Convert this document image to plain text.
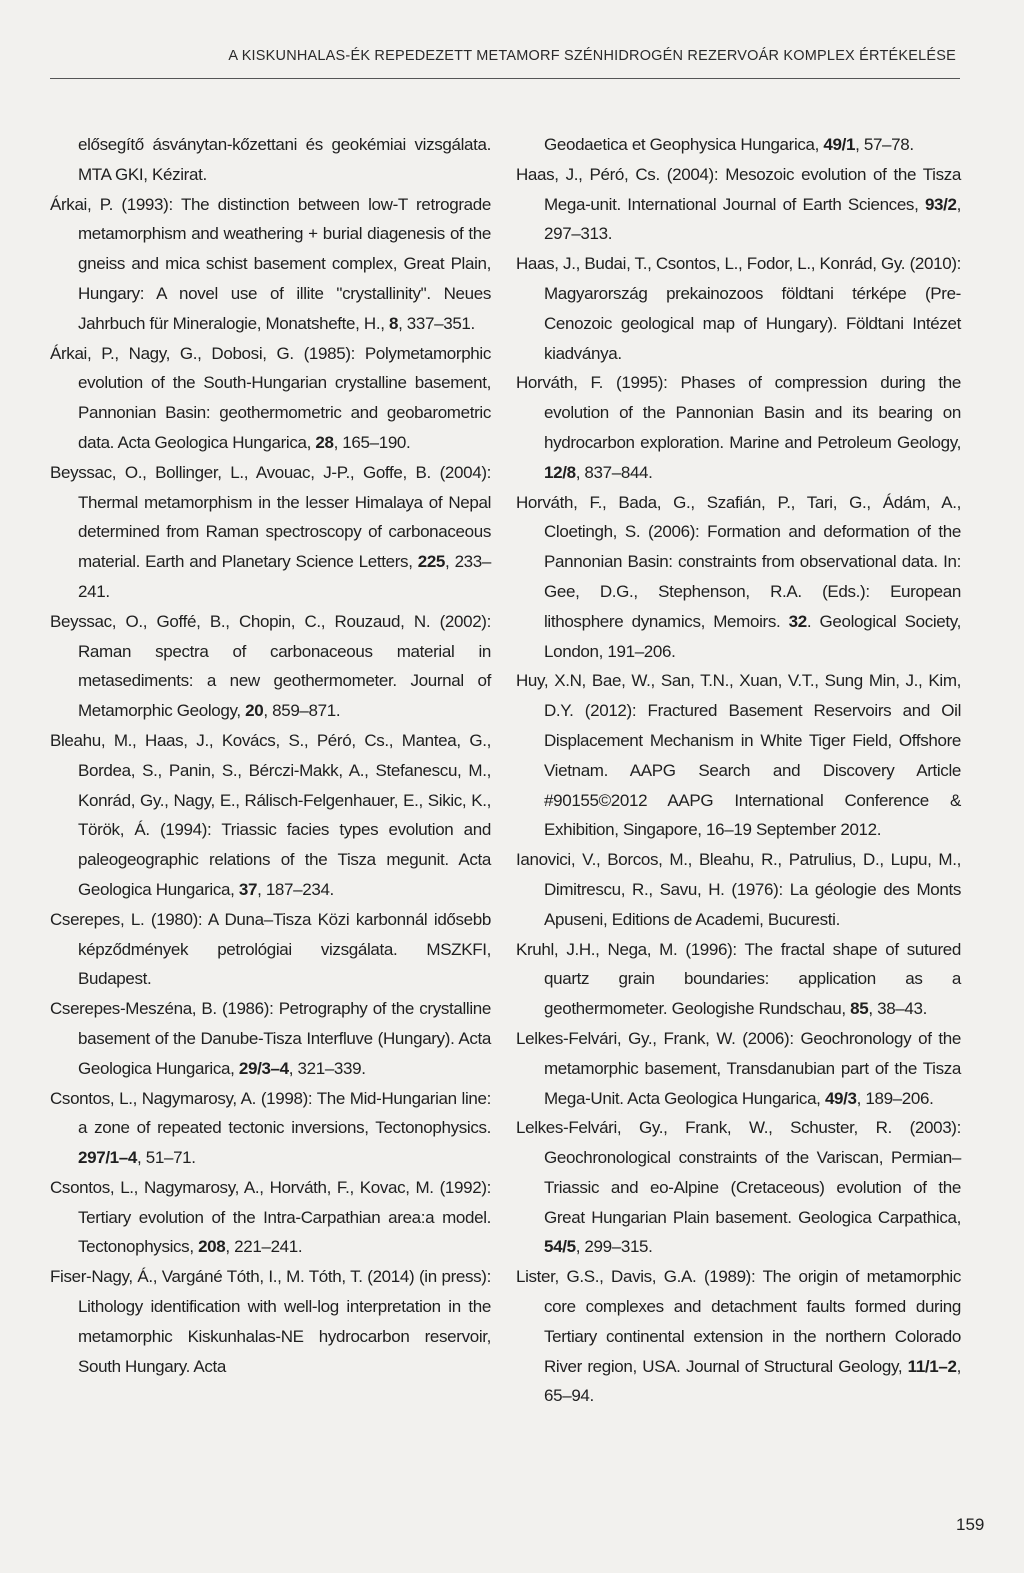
A KISKUNHALAS-ÉK REPEDEZETT METAMORF SZÉNHIDROGÉN REZERVOÁR KOMPLEX ÉRTÉKELÉSE

elősegítő ásványtan-kőzettani és geokémiai vizsgálata. MTA GKI, Kézirat.

Árkai, P. (1993): The distinction between low-T retrograde metamorphism and weathering + burial diagenesis of the gneiss and mica schist basement complex, Great Plain, Hungary: A novel use of illite "crystallinity". Neues Jahrbuch für Mineralogie, Monatshefte, H., 8, 337–351.

Árkai, P., Nagy, G., Dobosi, G. (1985): Polymetamorphic evolution of the South-Hungarian crystalline basement, Pannonian Basin: geothermometric and geobarometric data. Acta Geologica Hungarica, 28, 165–190.

Beyssac, O., Bollinger, L., Avouac, J-P., Goffe, B. (2004): Thermal metamorphism in the lesser Himalaya of Nepal determined from Raman spectroscopy of carbonaceous material. Earth and Planetary Science Letters, 225, 233–241.

Beyssac, O., Goffé, B., Chopin, C., Rouzaud, N. (2002): Raman spectra of carbonaceous material in metasediments: a new geothermometer. Journal of Metamorphic Geology, 20, 859–871.

Bleahu, M., Haas, J., Kovács, S., Péró, Cs., Mantea, G., Bordea, S., Panin, S., Bérczi-Makk, A., Stefanescu, M., Konrád, Gy., Nagy, E., Rálisch-Felgenhauer, E., Sikic, K., Török, Á. (1994): Triassic facies types evolution and paleogeographic relations of the Tisza megunit. Acta Geologica Hungarica, 37, 187–234.

Cserepes, L. (1980): A Duna–Tisza Közi karbonnál idősebb képződmények petrológiai vizsgálata. MSZKFI, Budapest.

Cserepes-Meszéna, B. (1986): Petrography of the crystalline basement of the Danube-Tisza Interfluve (Hungary). Acta Geologica Hungarica, 29/3–4, 321–339.

Csontos, L., Nagymarosy, A. (1998): The Mid-Hungarian line: a zone of repeated tectonic inversions, Tectonophysics. 297/1–4, 51–71.

Csontos, L., Nagymarosy, A., Horváth, F., Kovac, M. (1992): Tertiary evolution of the Intra-Carpathian area:a model. Tectonophysics, 208, 221–241.

Fiser-Nagy, Á., Vargáné Tóth, I., M. Tóth, T. (2014) (in press): Lithology identification with well-log interpretation in the metamorphic Kiskunhalas-NE hydrocarbon reservoir, South Hungary. Acta

Geodaetica et Geophysica Hungarica, 49/1, 57–78.

Haas, J., Péró, Cs. (2004): Mesozoic evolution of the Tisza Mega-unit. International Journal of Earth Sciences, 93/2, 297–313.

Haas, J., Budai, T., Csontos, L., Fodor, L., Konrád, Gy. (2010): Magyarország prekainozoos földtani térképe (Pre-Cenozoic geological map of Hungary). Földtani Intézet kiadványa.

Horváth, F. (1995): Phases of compression during the evolution of the Pannonian Basin and its bearing on hydrocarbon exploration. Marine and Petroleum Geology, 12/8, 837–844.

Horváth, F., Bada, G., Szafián, P., Tari, G., Ádám, A., Cloetingh, S. (2006): Formation and deformation of the Pannonian Basin: constraints from observational data. In: Gee, D.G., Stephenson, R.A. (Eds.): European lithosphere dynamics, Memoirs. 32. Geological Society, London, 191–206.

Huy, X.N, Bae, W., San, T.N., Xuan, V.T., Sung Min, J., Kim, D.Y. (2012): Fractured Basement Reservoirs and Oil Displacement Mechanism in White Tiger Field, Offshore Vietnam. AAPG Search and Discovery Article #90155©2012 AAPG International Conference & Exhibition, Singapore, 16–19 September 2012.

Ianovici, V., Borcos, M., Bleahu, R., Patrulius, D., Lupu, M., Dimitrescu, R., Savu, H. (1976): La géologie des Monts Apuseni, Editions de Academi, Bucuresti.

Kruhl, J.H., Nega, M. (1996): The fractal shape of sutured quartz grain boundaries: application as a geothermometer. Geologishe Rundschau, 85, 38–43.

Lelkes-Felvári, Gy., Frank, W. (2006): Geochronology of the metamorphic basement, Transdanubian part of the Tisza Mega-Unit. Acta Geologica Hungarica, 49/3, 189–206.

Lelkes-Felvári, Gy., Frank, W., Schuster, R. (2003): Geochronological constraints of the Variscan, Permian–Triassic and eo-Alpine (Cretaceous) evolution of the Great Hungarian Plain basement. Geologica Carpathica, 54/5, 299–315.

Lister, G.S., Davis, G.A. (1989): The origin of metamorphic core complexes and detachment faults formed during Tertiary continental extension in the northern Colorado River region, USA. Journal of Structural Geology, 11/1–2, 65–94.

159
